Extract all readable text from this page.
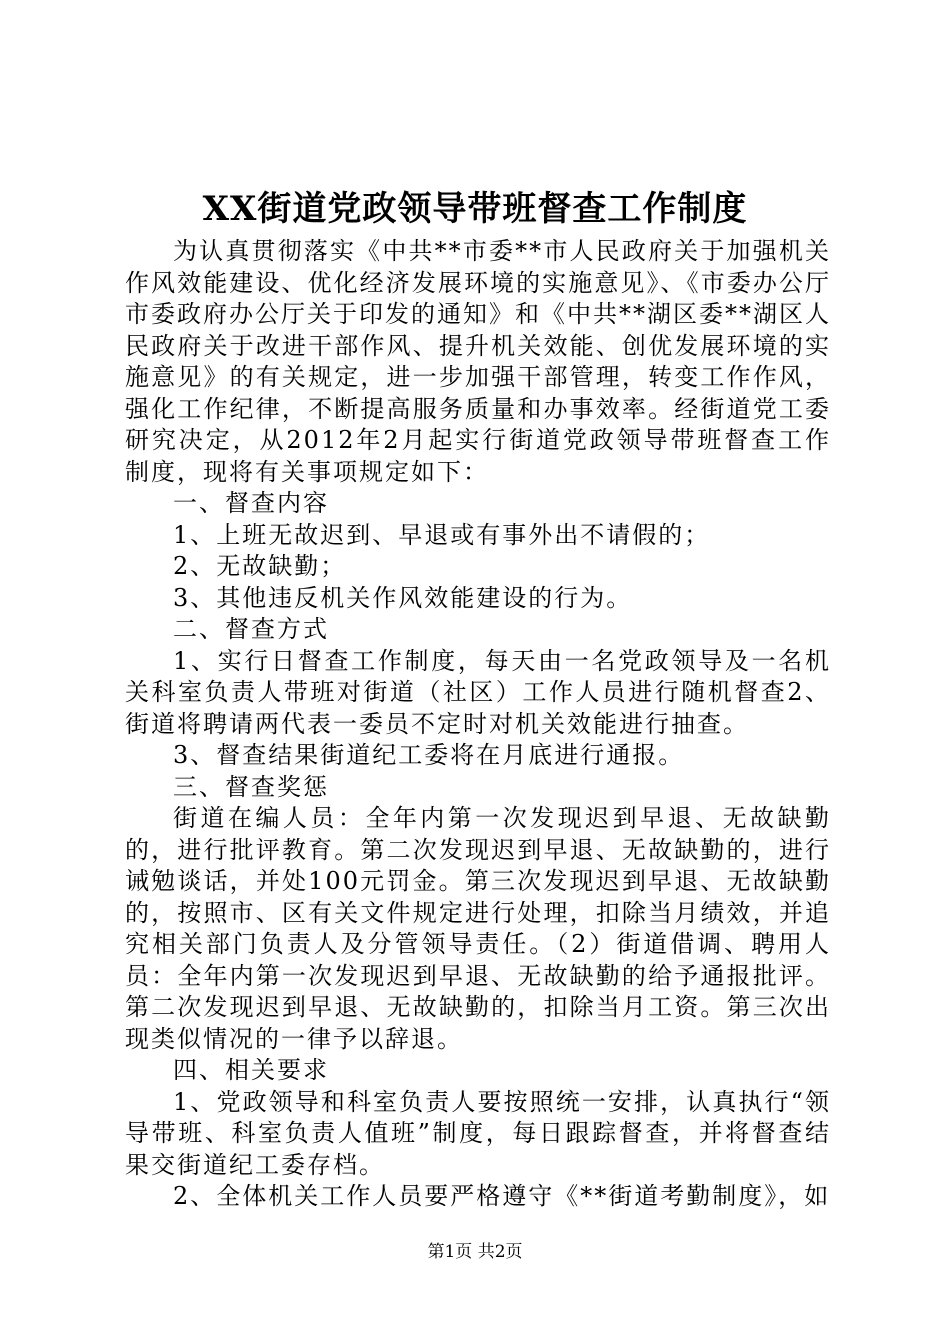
XX街道党政领导带班督查工作制度

为认真贯彻落实《中共**市委**市人民政府关于加强机关作风效能建设、优化经济发展环境的实施意见》、《市委办公厅市委政府办公厅关于印发的通知》和《中共**湖区委**湖区人民政府关于改进干部作风、提升机关效能、创优发展环境的实施意见》的有关规定，进一步加强干部管理，转变工作作风，强化工作纪律，不断提高服务质量和办事效率。经街道党工委研究决定，从2012年2月起实行街道党政领导带班督查工作制度，现将有关事项规定如下：

一、督查内容

1、上班无故迟到、早退或有事外出不请假的；

2、无故缺勤；

3、其他违反机关作风效能建设的行为。

二、督查方式

1、实行日督查工作制度，每天由一名党政领导及一名机关科室负责人带班对街道（社区）工作人员进行随机督查2、街道将聘请两代表一委员不定时对机关效能进行抽查。

3、督查结果街道纪工委将在月底进行通报。

三、督查奖惩

街道在编人员：全年内第一次发现迟到早退、无故缺勤的，进行批评教育。第二次发现迟到早退、无故缺勤的，进行诫勉谈话，并处100元罚金。第三次发现迟到早退、无故缺勤的，按照市、区有关文件规定进行处理，扣除当月绩效，并追究相关部门负责人及分管领导责任。（2）街道借调、聘用人员：全年内第一次发现迟到早退、无故缺勤的给予通报批评。第二次发现迟到早退、无故缺勤的，扣除当月工资。第三次出现类似情况的一律予以辞退。

四、相关要求

1、党政领导和科室负责人要按照统一安排，认真执行“领导带班、科室负责人值班”制度，每日跟踪督查，并将督查结果交街道纪工委存档。

2、全体机关工作人员要严格遵守《**街道考勤制度》，如

第1页 共2页
